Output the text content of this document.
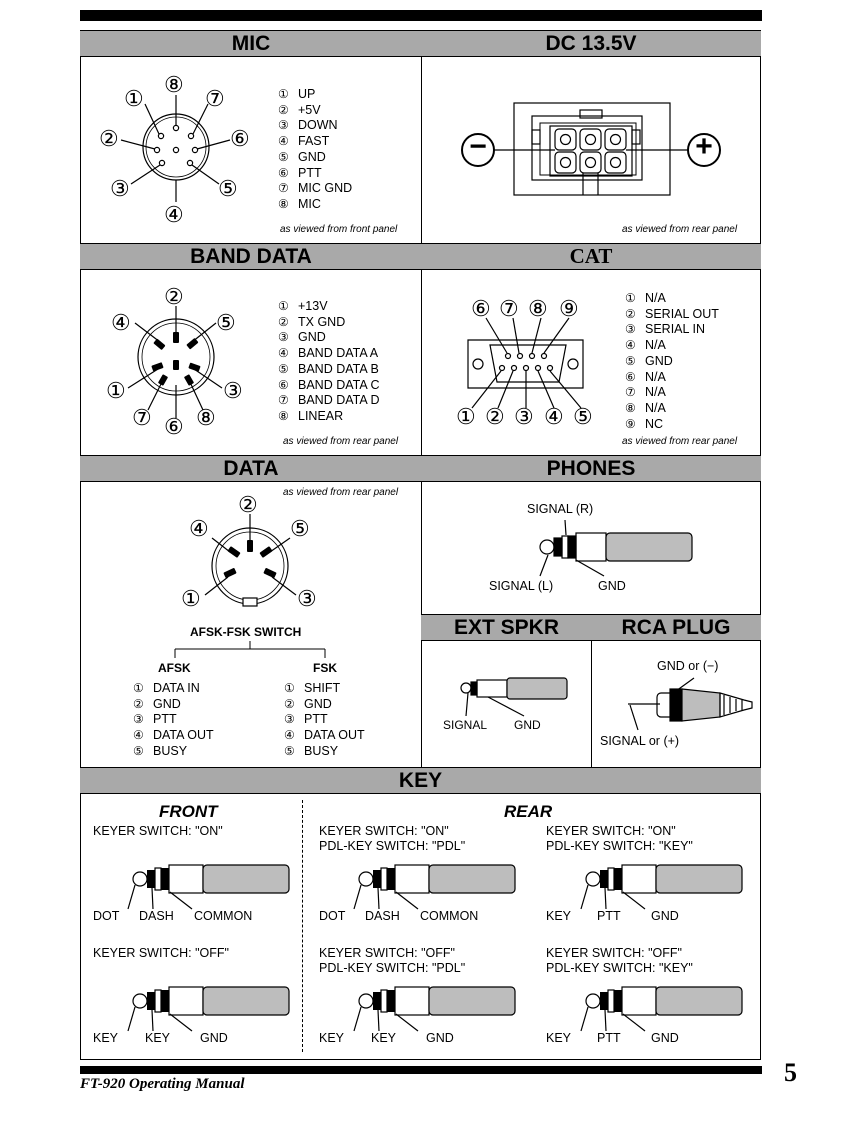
MIC	DC 13.5V
BAND DATA	CAT
DATA	PHONES
EXT SPKR	RCA PLUG
KEY
⑧
①	⑦
②	⑥
③	⑤
④
① UP
② +5V
③ DOWN
④ FAST
⑤ GND
⑥ PTT
⑦ MIC GND
⑧ MIC
as viewed from front panel
−	+
as viewed from rear panel
②
④	⑤
①	③
⑦ ⑥ ⑧
① +13V
② TX GND
③ GND
④ BAND DATA A
⑤ BAND DATA B
⑥ BAND DATA C
⑦ BAND DATA D
⑧ LINEAR
as viewed from rear panel
⑥ ⑦ ⑧ ⑨
① ② ③ ④ ⑤
① N/A
② SERIAL OUT
③ SERIAL IN
④ N/A
⑤ GND
⑥ N/A
⑦ N/A
⑧ N/A
⑨ NC
as viewed from rear panel
as viewed from rear panel
②
④	⑤
①	③
AFSK-FSK SWITCH
AFSK	FSK
① DATA IN
② GND
③ PTT
④ DATA OUT
⑤ BUSY
① SHIFT
② GND
③ PTT
④ DATA OUT
⑤ BUSY
SIGNAL (R)
SIGNAL (L)	GND
SIGNAL GND
GND or (−)
SIGNAL or (+)
FRONT	REAR
KEYER SWITCH: "ON"	KEYER SWITCH: "ON"
PDL-KEY SWITCH: "PDL"
KEYER SWITCH: "ON"
PDL-KEY SWITCH: "KEY"
KEYER SWITCH: "OFF"	KEYER SWITCH: "OFF"
PDL-KEY SWITCH: "PDL"
KEYER SWITCH: "OFF"
PDL-KEY SWITCH: "KEY"
DOT DASH COMMON	DOT DASH COMMON	KEY PTT GND
KEY KEY GND	KEY KEY GND	KEY PTT GND
FT-920 Operating Manual	5
